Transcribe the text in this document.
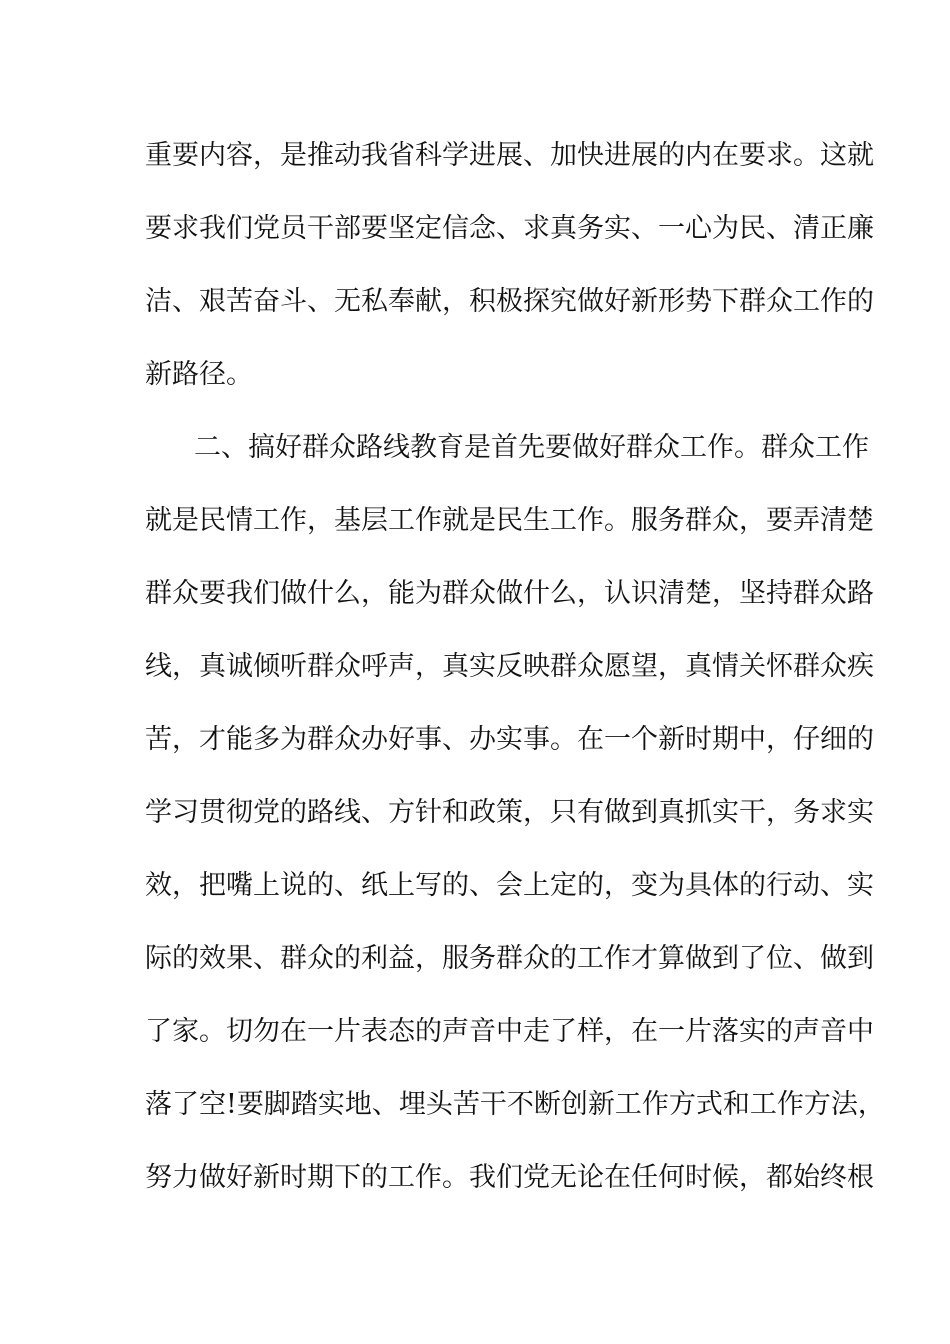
重要内容，是推动我省科学进展、加快进展的内在要求。这就
要求我们党员干部要坚定信念、求真务实、一心为民、清正廉
洁、艰苦奋斗、无私奉献，积极探究做好新形势下群众工作的
新路径。
二、搞好群众路线教育是首先要做好群众工作。群众工作
就是民情工作，基层工作就是民生工作。服务群众，要弄清楚
群众要我们做什么，能为群众做什么，认识清楚，坚持群众路
线，真诚倾听群众呼声，真实反映群众愿望，真情关怀群众疾
苦，才能多为群众办好事、办实事。在一个新时期中，仔细的
学习贯彻党的路线、方针和政策，只有做到真抓实干，务求实
效，把嘴上说的、纸上写的、会上定的，变为具体的行动、实
际的效果、群众的利益，服务群众的工作才算做到了位、做到
了家。切勿在一片表态的声音中走了样，在一片落实的声音中
落了空!要脚踏实地、埋头苦干不断创新工作方式和工作方法，
努力做好新时期下的工作。我们党无论在任何时候，都始终根
